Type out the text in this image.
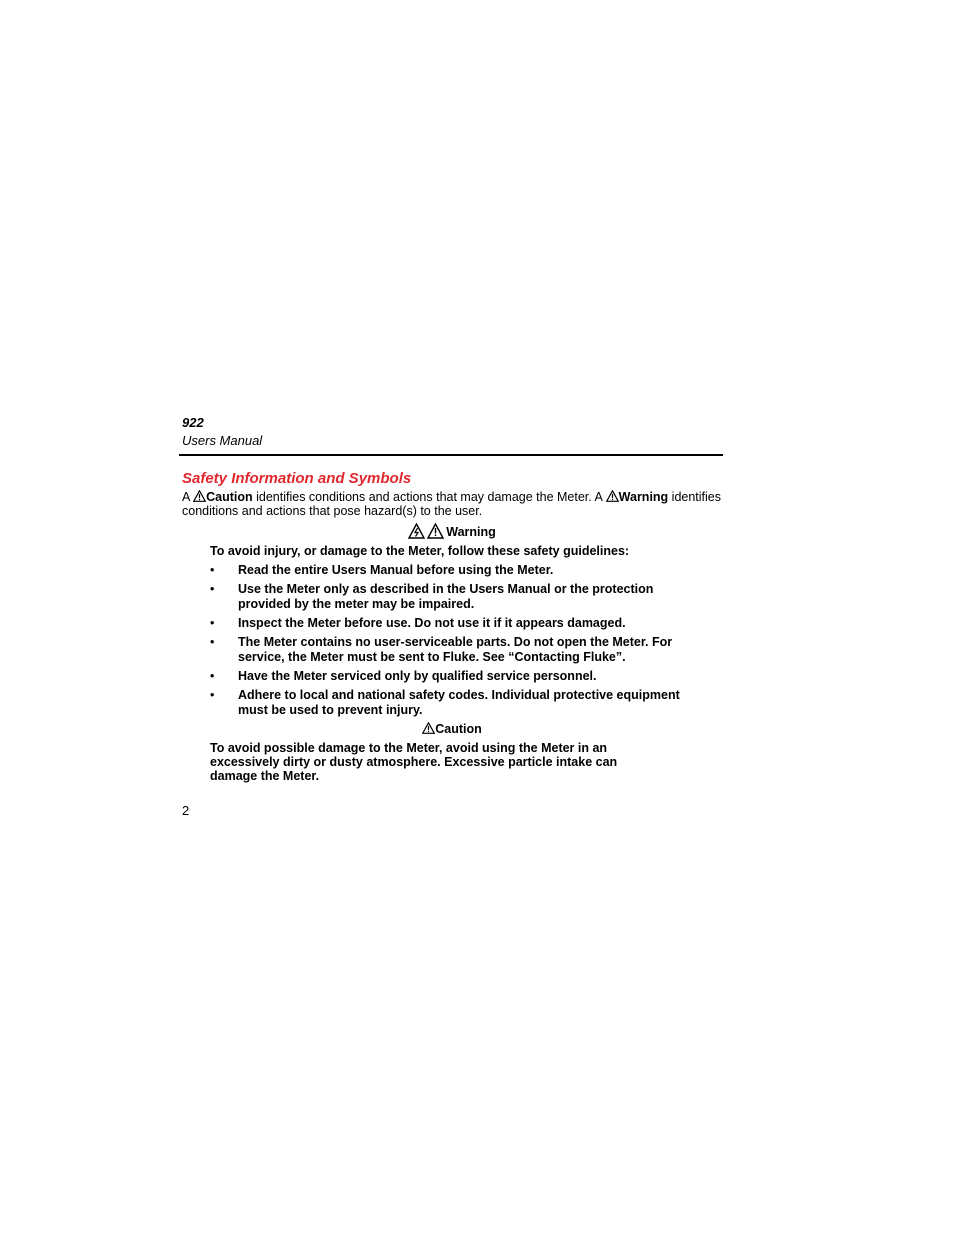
922
Users Manual
Safety Information and Symbols
A
Caution identifies conditions and actions that may damage the Meter. A
Warning identifies conditions and actions that pose hazard(s) to the user.
Warning
To avoid injury, or damage to the Meter, follow these safety guidelines:
• Read the entire Users Manual before using the Meter.
• Use the Meter only as described in the Users Manual or the protection provided by the meter may be impaired.
• Inspect the Meter before use. Do not use it if it appears damaged.
• The Meter contains no user-serviceable parts. Do not open the Meter. For service, the Meter must be sent to Fluke. See “Contacting Fluke”.
• Have the Meter serviced only by qualified service personnel.
• Adhere to local and national safety codes. Individual protective equipment must be used to prevent injury.
Caution
To avoid possible damage to the Meter, avoid using the Meter in an excessively dirty or dusty atmosphere. Excessive particle intake can damage the Meter.
2
